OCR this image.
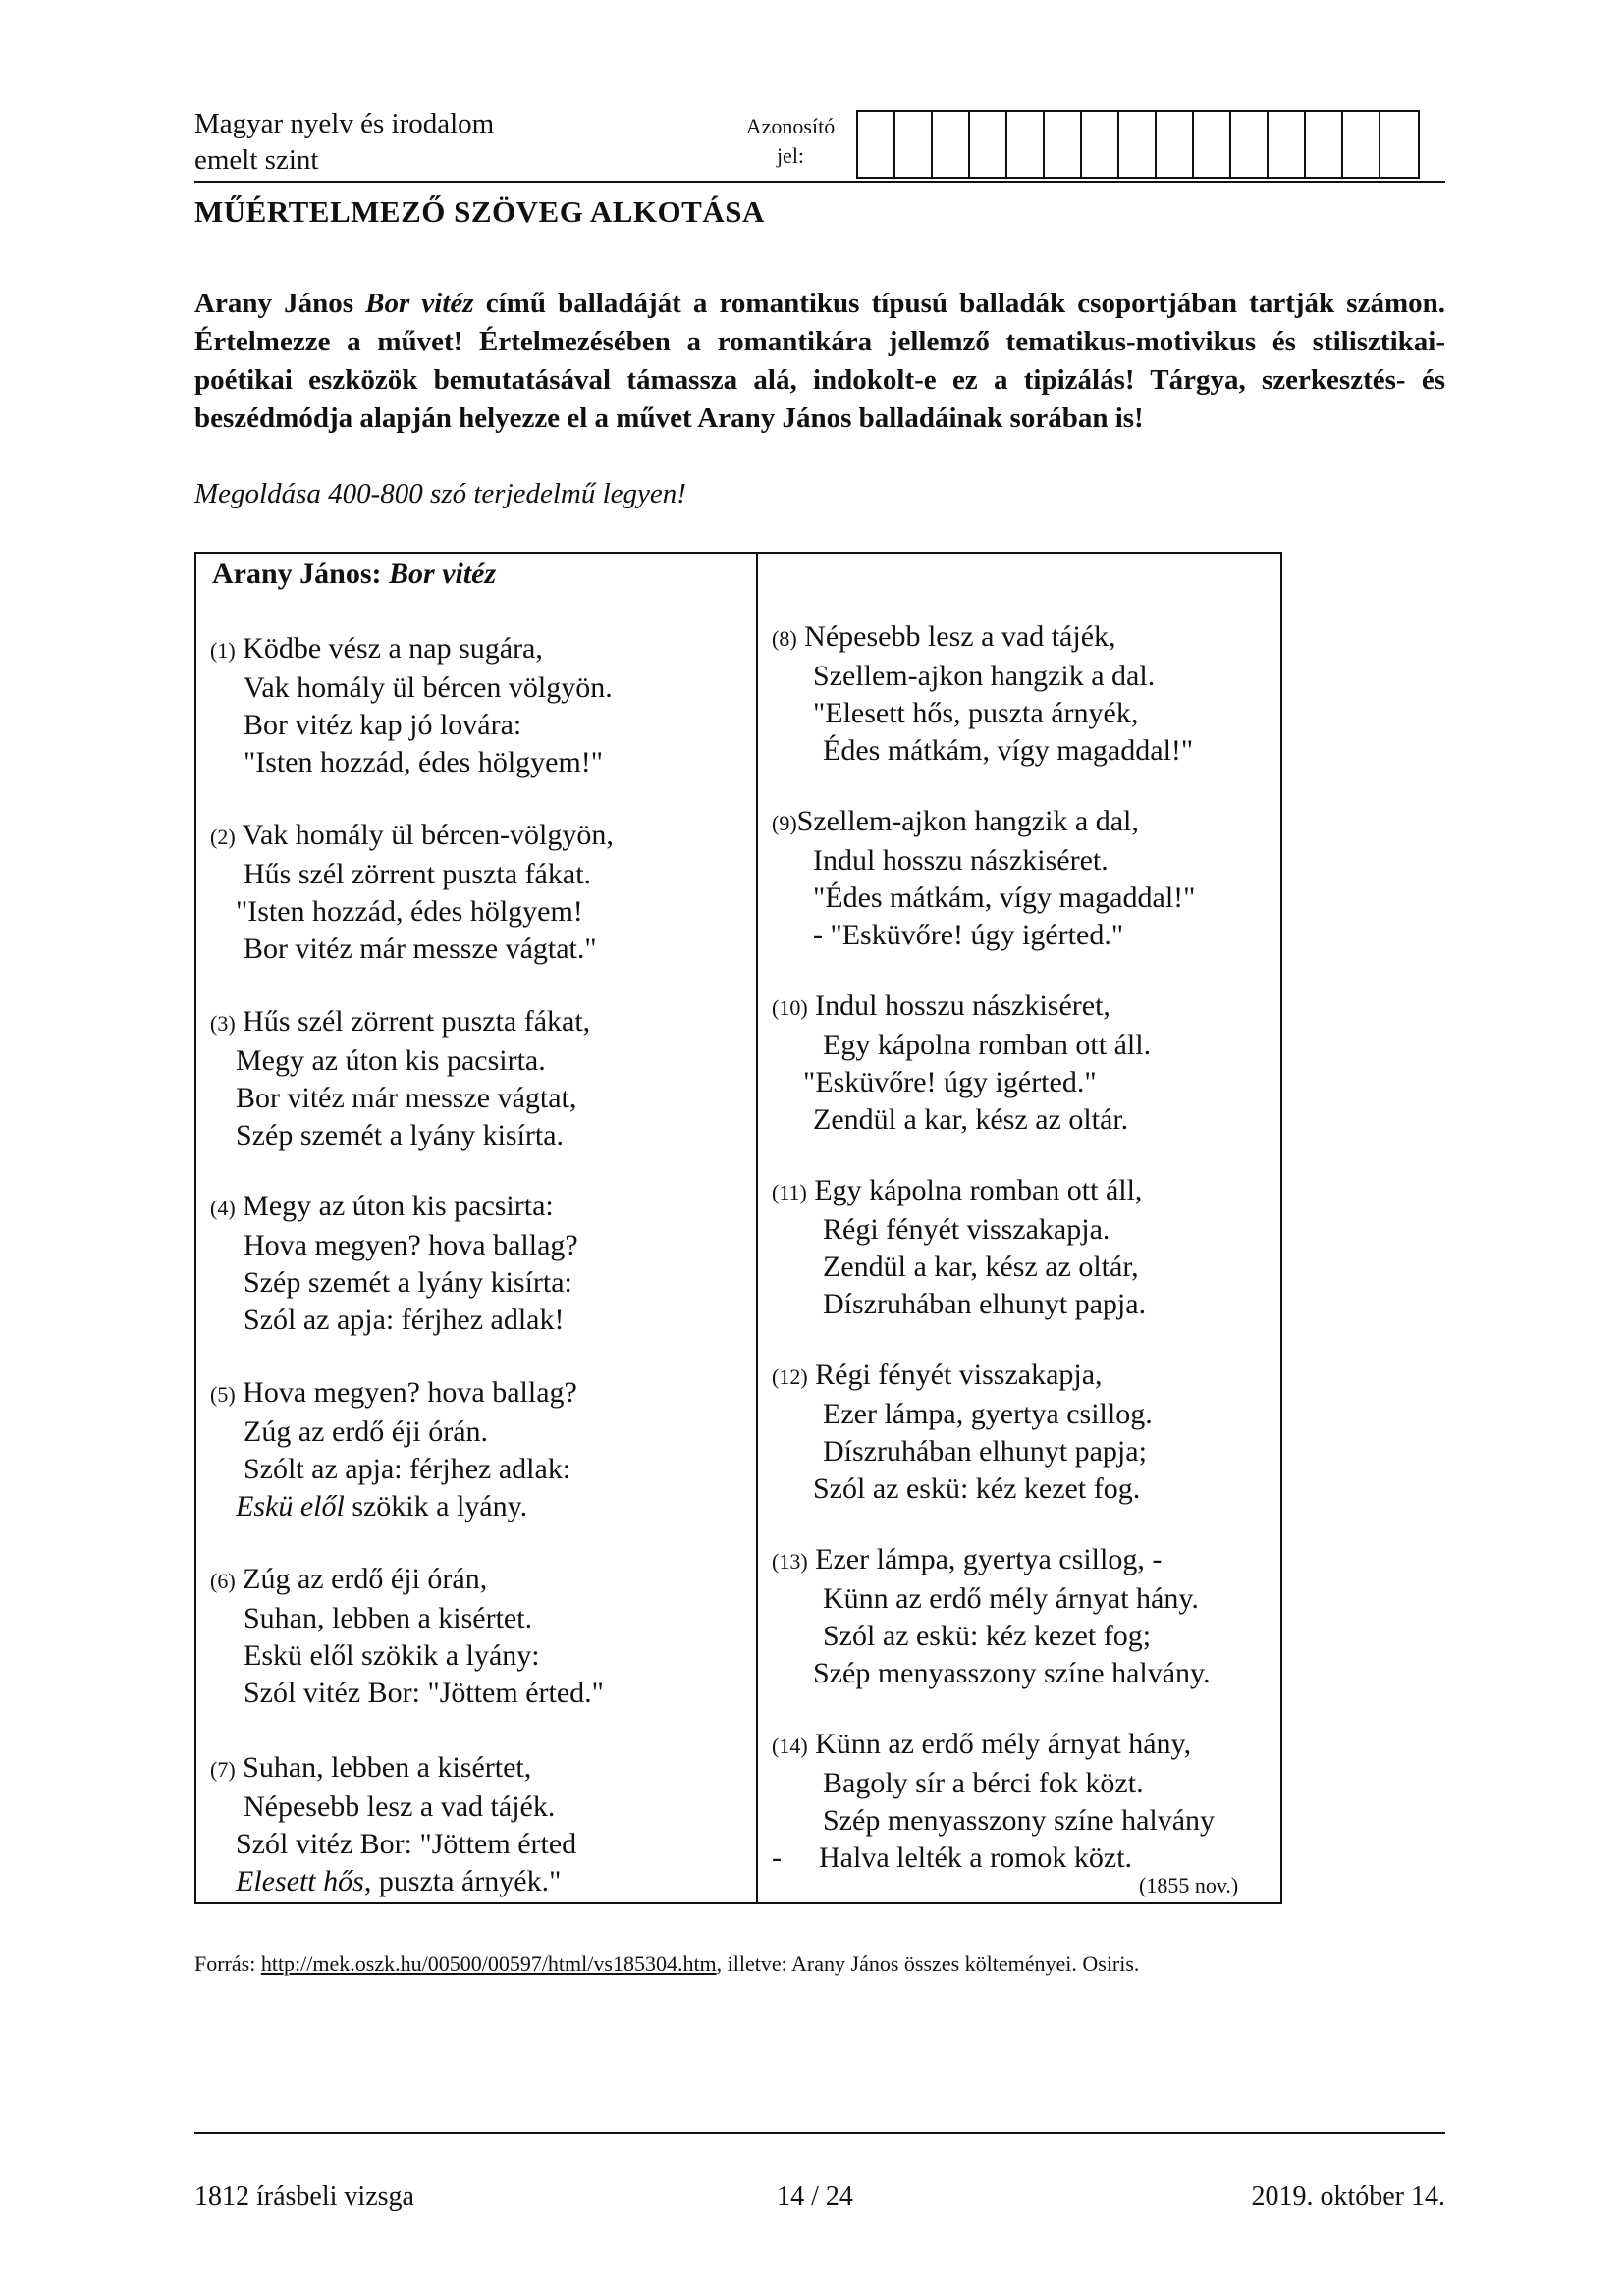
Magyar nyelv és irodalom
emelt szint
Azonosító
jel:
MŰÉRTELMEZŐ SZÖVEG ALKOTÁSA
Arany János Bor vitéz című balladáját a romantikus típusú balladák csoportjában tartják számon. Értelmezze a művet! Értelmezésében a romantikára jellemző tematikus-motivikus és stilisztikai-poétikai eszközök bemutatásával támassza alá, indokolt-e ez a tipizálás! Tárgya, szerkesztés- és beszédmódja alapján helyezze el a művet Arany János balladáinak sorában is!
Megoldása 400-800 szó terjedelmű legyen!
Arany János: Bor vitéz
(1) Ködbe vész a nap sugára,
Vak homály ül bércen völgyön.
Bor vitéz kap jó lovára:
"Isten hozzád, édes hölgyem!"
(2) Vak homály ül bércen-völgyön,
Hűs szél zörrent puszta fákat.
"Isten hozzád, édes hölgyem!
Bor vitéz már messze vágtat."
(3) Hűs szél zörrent puszta fákat,
Megy az úton kis pacsirta.
Bor vitéz már messze vágtat,
Szép szemét a lyány kisírta.
(4) Megy az úton kis pacsirta:
Hova megyen? hova ballag?
Szép szemét a lyány kisírta:
Szól az apja: férjhez adlak!
(5) Hova megyen? hova ballag?
Zúg az erdő éji órán.
Szólt az apja: férjhez adlak:
Eskü elől szökik a lyány.
(6) Zúg az erdő éji órán,
Suhan, lebben a kisértet.
Eskü elől szökik a lyány:
Szól vitéz Bor: "Jöttem érted."
(7) Suhan, lebben a kisértet,
Népesebb lesz a vad tájék.
Szól vitéz Bor: "Jöttem érted
Elesett hős, puszta árnyék."
(8) Népesebb lesz a vad tájék,
Szellem-ajkon hangzik a dal.
"Elesett hős, puszta árnyék,
Édes mátkám, vígy magaddal!"
(9)Szellem-ajkon hangzik a dal,
Indul hosszu nászkiséret.
"Édes mátkám, vígy magaddal!"
- "Esküvőre! úgy igérted."
(10) Indul hosszu nászkiséret,
Egy kápolna romban ott áll.
"Esküvőre! úgy igérted."
Zendül a kar, kész az oltár.
(11) Egy kápolna romban ott áll,
Régi fényét visszakapja.
Zendül a kar, kész az oltár,
Díszruhában elhunyt papja.
(12) Régi fényét visszakapja,
Ezer lámpa, gyertya csillog.
Díszruhában elhunyt papja;
Szól az eskü: kéz kezet fog.
(13) Ezer lámpa, gyertya csillog, -
Künn az erdő mély árnyat hány.
Szól az eskü: kéz kezet fog;
Szép menyasszony színe halvány.
(14) Künn az erdő mély árnyat hány,
Bagoly sír a bérci fok közt.
Szép menyasszony színe halvány
- Halva lelték a romok közt.
(1855 nov.)
Forrás: http://mek.oszk.hu/00500/00597/html/vs185304.htm, illetve: Arany János összes költeményei. Osiris.
1812 írásbeli vizsga	14 / 24	2019. október 14.
